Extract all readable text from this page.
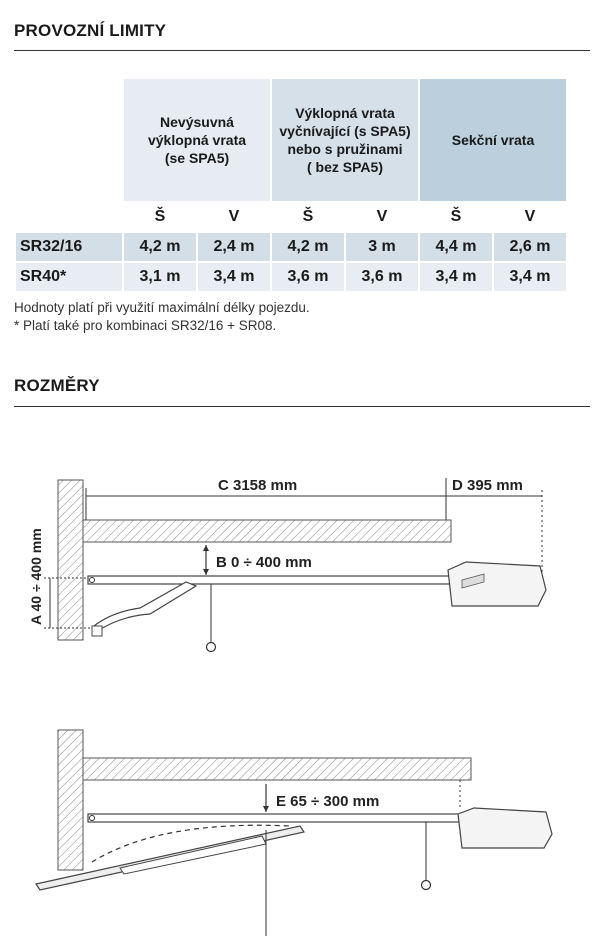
PROVOZNÍ LIMITY
	Nevýsuvná
výklopná vrata
(se SPA5)		Výklopná vrata
vyčnívající (s SPA5)
nebo s pružinami
( bez SPA5)		Sekční vrata	
	Š	V	Š	V	Š	V
SR32/16	4,2 m	2,4 m	4,2 m	3 m	4,4 m	2,6 m
SR40*	3,1 m	3,4 m	3,6 m	3,6 m	3,4 m	3,4 m
Hodnoty platí při využití maximální délky pojezdu.
* Platí také pro kombinaci SR32/16 + SR08.
ROZMĚRY
C 3158 mm	D 395 mm
B 0 ÷ 400 mm
A 40 ÷ 400 mm
E 65 ÷ 300 mm
